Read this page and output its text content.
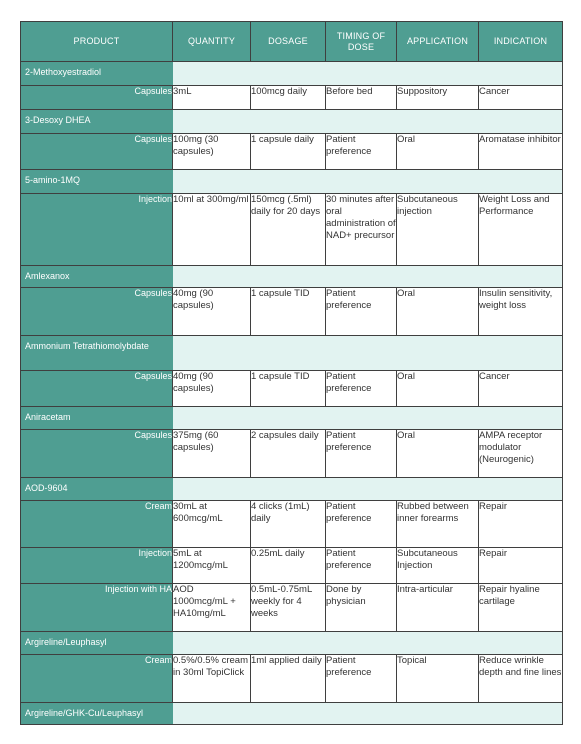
PRODUCT	QUANTITY	DOSAGE	TIMING OF DOSE	APPLICATION	INDICATION
2-Methoxyestradiol					
Capsules	3mL	100mcg daily	Before bed	Suppository	Cancer
3-Desoxy DHEA					
Capsules	100mg (30 capsules)	1 capsule daily	Patient preference	Oral	Aromatase inhibitor
5-amino-1MQ					
Injection	10ml at 300mg/ml	150mcg (.5ml) daily for 20 days	30 minutes after oral administration of NAD+ precursor	Subcutaneous injection	Weight Loss and Performance
Amlexanox					
Capsules	40mg (90 capsules)	1 capsule TID	Patient preference	Oral	Insulin sensitivity, weight loss
Ammonium Tetrathiomolybdate					
Capsules	40mg (90 capsules)	1 capsule TID	Patient preference	Oral	Cancer
Aniracetam					
Capsules	375mg (60 capsules)	2 capsules daily	Patient preference	Oral	AMPA receptor modulator (Neurogenic)
AOD-9604					
Cream	30mL at 600mcg/mL	4 clicks (1mL) daily	Patient preference	Rubbed between inner forearms	Repair
Injection	5mL at 1200mcg/mL	0.25mL daily	Patient preference	Subcutaneous Injection	Repair
Injection with HA	AOD 1000mcg/mL + HA10mg/mL	0.5mL-0.75mL weekly for 4 weeks	Done by physician	Intra-articular	Repair hyaline cartilage
Argireline/Leuphasyl					
Cream	0.5%/0.5% cream in 30ml TopiClick	1ml applied daily	Patient preference	Topical	Reduce wrinkle depth and fine lines
Argireline/GHK-Cu/Leuphasyl					
